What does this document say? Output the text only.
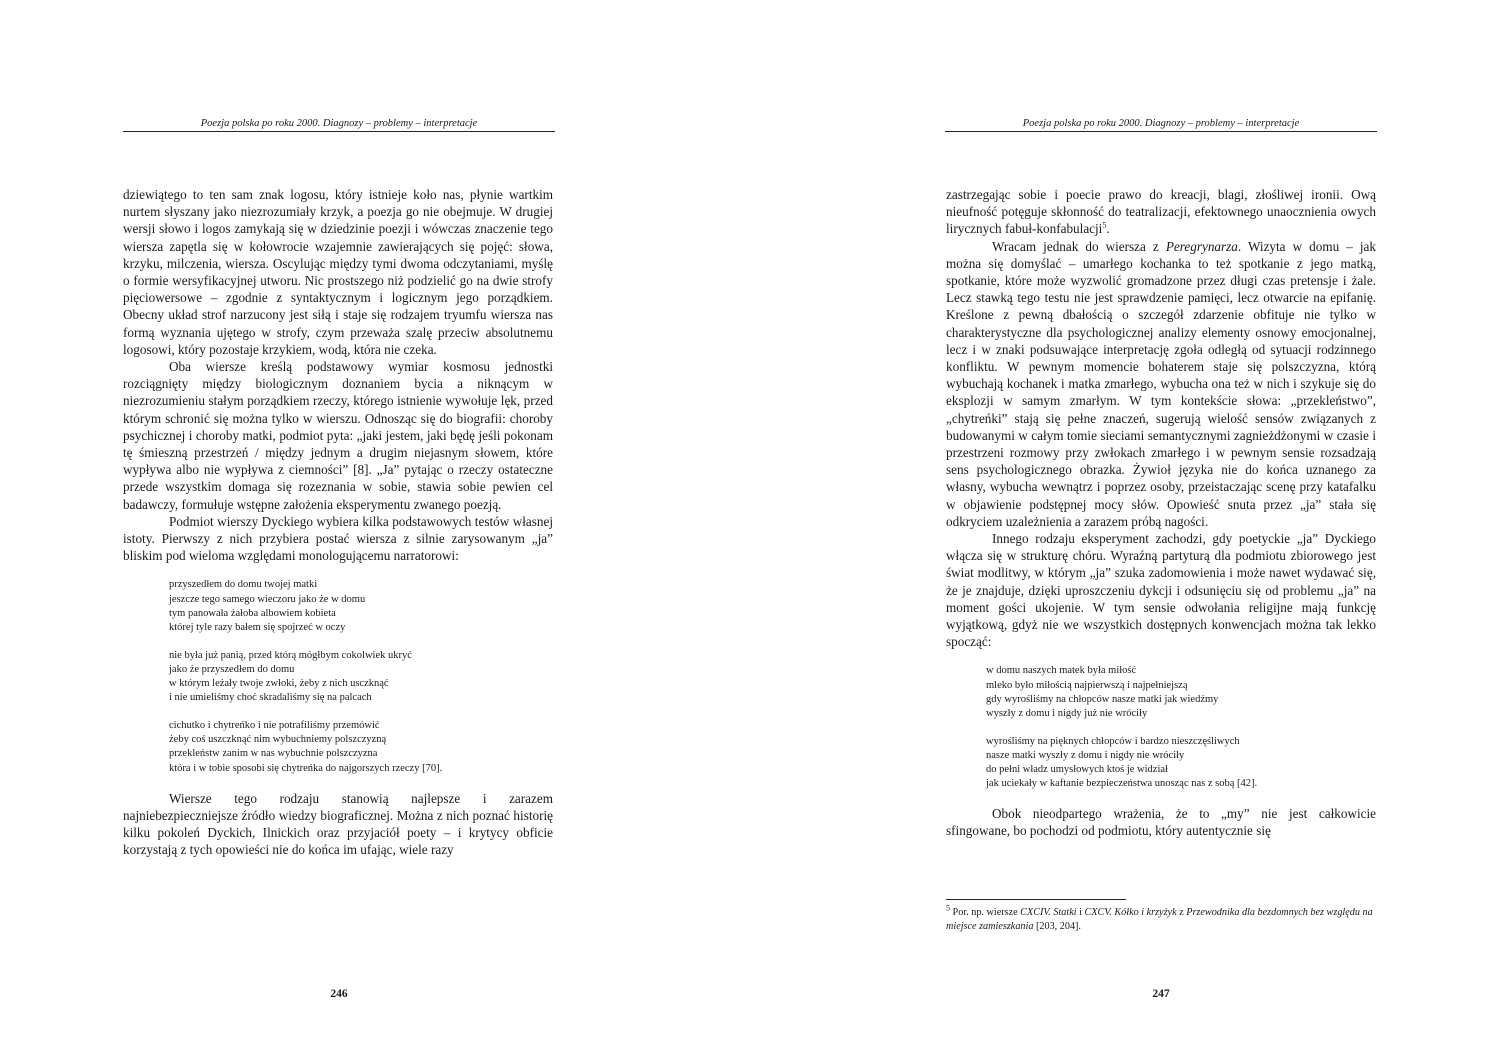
Poezja polska po roku 2000. Diagnozy – problemy – interpretacje

dziewiątego to ten sam znak logosu, który istnieje koło nas, płynie wartkim nurtem słyszany jako niezrozumiały krzyk, a poezja go nie obejmuje. W drugiej wersji słowo i logos zamykają się w dziedzinie poezji i wówczas znaczenie tego wiersza zapętla się w kołowrocie wzajemnie zawierających się pojęć: słowa, krzyku, milczenia, wiersza. Oscylując między tymi dwoma odczytaniami, myślę o formie wersyfikacyjnej utworu. Nic prostszego niż podzielić go na dwie strofy pięciowersowe – zgodnie z syntaktycznym i logicznym jego porządkiem. Obecny układ strof narzucony jest siłą i staje się rodzajem tryumfu wiersza nas formą wyznania ujętego w strofy, czym przeważa szalę przeciw absolutnemu logosowi, który pozostaje krzykiem, wodą, która nie czeka.

Oba wiersze kreślą podstawowy wymiar kosmosu jednostki rozciągnięty między biologicznym doznaniem bycia a niknącym w niezrozumieniu stałym porządkiem rzeczy, którego istnienie wywołuje lęk, przed którym schronić się można tylko w wierszu. Odnosząc się do biografii: choroby psychicznej i choroby matki, podmiot pyta: „jaki jestem, jaki będę jeśli pokonam tę śmieszną przestrzeń / między jednym a drugim niejasnym słowem, które wypływa albo nie wypływa z ciemności” [8]. „Ja” pytając o rzeczy ostateczne przede wszystkim domaga się rozeznania w sobie, stawia sobie pewien cel badawczy, formułuje wstępne założenia eksperymentu zwanego poezją.

Podmiot wierszy Dyckiego wybiera kilka podstawowych testów własnej istoty. Pierwszy z nich przybiera postać wiersza z silnie zarysowanym „ja” bliskim pod wieloma względami monologującemu narratorowi:

przyszedłem do domu twojej matki
jeszcze tego samego wieczoru jako że w domu
tym panowała żałoba albowiem kobieta
której tyle razy bałem się spojrzeć w oczy
nie była już panią, przed którą mógłbym cokolwiek ukryć
jako że przyszedłem do domu
w którym leżały twoje zwłoki, żeby z nich usczknąć
i nie umieliśmy choć skradaliśmy się na palcach
cichutko i chytreńko i nie potrafiliśmy przemówić
żeby coś uszczknąć nim wybuchniemy polszczyzną
przekleństw zanim w nas wybuchnie polszczyzna
która i w tobie sposobi się chytreńka do najgorszych rzeczy [70].

Wiersze tego rodzaju stanowią najlepsze i zarazem najniebezpieczniejsze źródło wiedzy biograficznej. Można z nich poznać historię kilku pokoleń Dyckich, Ilnickich oraz przyjaciół poety – i krytycy obficie korzystają z tych opowieści nie do końca im ufając, wiele razy

246
Poezja polska po roku 2000. Diagnozy – problemy – interpretacje

zastrzegając sobie i poecie prawo do kreacji, blagi, złośliwej ironii. Ową nieufność potęguje skłonność do teatralizacji, efektownego unaocznienia owych lirycznych fabuł-konfabulacji$^5$.

Wracam jednak do wiersza z Peregrynarza. Wizyta w domu – jak można się domyślać – umarłego kochanka to też spotkanie z jego matką, spotkanie, które może wyzwolić gromadzone przez długi czas pretensje i żale. Lecz stawką tego testu nie jest sprawdzenie pamięci, lecz otwarcie na epifanię. Kreślone z pewną dbałością o szczegół zdarzenie obfituje nie tylko w charakterystyczne dla psychologicznej analizy elementy osnowy emocjonalnej, lecz i w znaki podsuwające interpretację zgoła odległą od sytuacji rodzinnego konfliktu. W pewnym momencie bohaterem staje się polszczyzna, którą wybuchają kochanek i matka zmarłego, wybucha ona też w nich i szykuje się do eksplozji w samym zmarłym. W tym kontekście słowa: „przekleństwo”, „chytreńki” stają się pełne znaczeń, sugerują wielość sensów związanych z budowanymi w całym tomie sieciami semantycznymi zagnieżdżonymi w czasie i przestrzeni rozmowy przy zwłokach zmarłego i w pewnym sensie rozsadzają sens psychologicznego obrazka. Żywioł języka nie do końca uznanego za własny, wybucha wewnątrz i poprzez osoby, przeistaczając scenę przy katafalku w objawienie podstępnej mocy słów. Opowieść snuta przez „ja” stała się odkryciem uzależnienia a zarazem próbą nagości.

Innego rodzaju eksperyment zachodzi, gdy poetyckie „ja” Dyckiego włącza się w strukturę chóru. Wyraźną partyturą dla podmiotu zbiorowego jest świat modlitwy, w którym „ja” szuka zadomowienia i może nawet wydawać się, że je znajduje, dzięki uproszczeniu dykcji i odsunięciu się od problemu „ja” na moment gości ukojenie. W tym sensie odwołania religijne mają funkcję wyjątkową, gdyż nie we wszystkich dostępnych konwencjach można tak lekko spocząć:

w domu naszych matek była miłość
mleko było miłością najpierwszą i najpełniejszą
gdy wyrośliśmy na chłopców nasze matki jak wiedźmy
wyszły z domu i nigdy już nie wróciły
wyrośliśmy na pięknych chłopców i bardzo nieszczęśliwych
nasze matki wyszły z domu i nigdy nie wróciły
do pełni władz umysłowych ktoś je widział
jak uciekały w kaftanie bezpieczeństwa unosząc nas z sobą [42].

Obok nieodpartego wrażenia, że to „my” nie jest całkowicie sfingowane, bo pochodzi od podmiotu, który autentycznie się

$^5$ Por. np. wiersze CXCIV. Statki i CXCV. Kółko i krzyżyk z Przewodnika dla bezdomnych bez względu na miejsce zamieszkania [203, 204].
247
